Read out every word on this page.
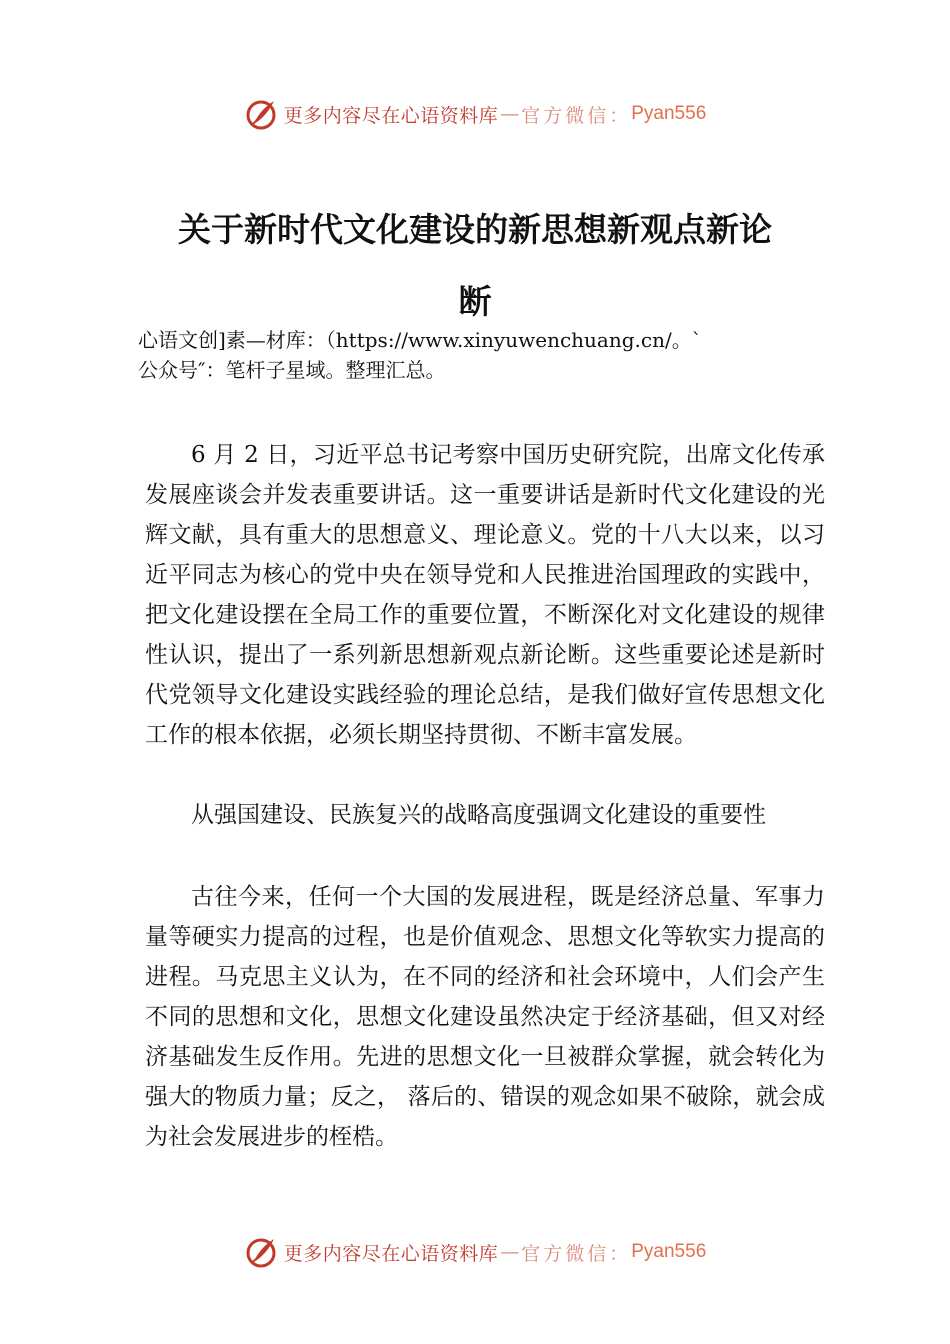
更多内容尽在心语资料库 — 官方微信： Pyan556
关于新时代文化建设的新思想新观点新论
断
心语文创]素—材库：（https://www.xinyuwenchuang.cn/。`
公众号″：笔杆子星域。整理汇总。
6 月 2 日，习近平总书记考察中国历史研究院，出席文化传承发展座谈会并发表重要讲话。这一重要讲话是新时代文化建设的光辉文献，具有重大的思想意义、理论意义。党的十八大以来，以习近平同志为核心的党中央在领导党和人民推进治国理政的实践中，把文化建设摆在全局工作的重要位置，不断深化对文化建设的规律性认识，提出了一系列新思想新观点新论断。这些重要论述是新时代党领导文化建设实践经验的理论总结，是我们做好宣传思想文化工作的根本依据，必须长期坚持贯彻、不断丰富发展。
从强国建设、民族复兴的战略高度强调文化建设的重要性
古往今来，任何一个大国的发展进程，既是经济总量、军事力量等硬实力提高的过程，也是价值观念、思想文化等软实力提高的进程。马克思主义认为，在不同的经济和社会环境中，人们会产生不同的思想和文化，思想文化建设虽然决定于经济基础，但又对经济基础发生反作用。先进的思想文化一旦被群众掌握，就会转化为强大的物质力量；反之， 落后的、错误的观念如果不破除，就会成为社会发展进步的桎梏。
更多内容尽在心语资料库 — 官方微信： Pyan556
